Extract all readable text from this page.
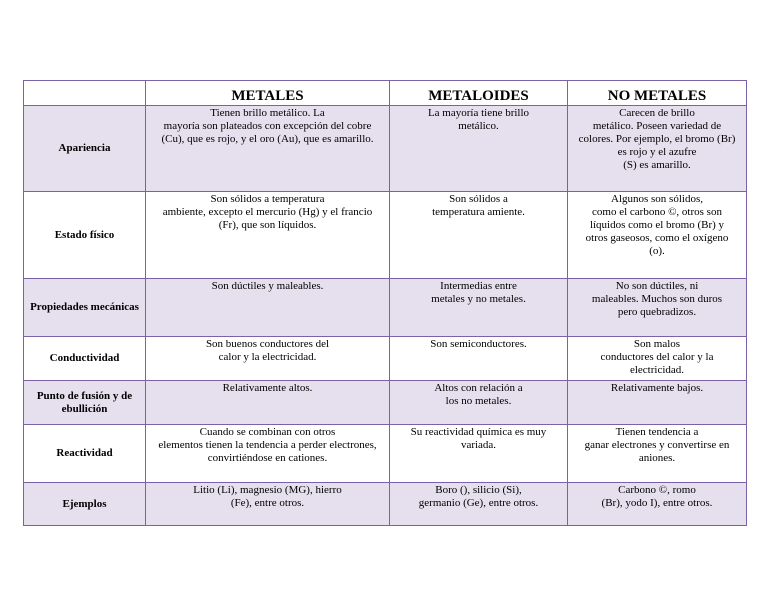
	METALES	METALOIDES	NO METALES
Apariencia	Tienen brillo metálico. La
mayoría son plateados con excepción del cobre
(Cu), que es rojo, y el oro (Au), que es amarillo.	La mayoría tiene brillo
metálico.	Carecen de brillo
metálico. Poseen variedad de
colores. Por ejemplo, el bromo (Br)
es rojo y el azufre
(S) es amarillo.
Estado físico	Son sólidos a temperatura
ambiente, excepto el mercurio (Hg) y el francio
(Fr), que son líquidos.	Son sólidos a
temperatura amiente.	Algunos son sólidos,
como el carbono ©, otros son
líquidos como el bromo (Br) y
otros gaseosos, como el oxígeno
(o).
Propiedades mecánicas	Son dúctiles y maleables.	Intermedias entre
metales y no metales.	No son dúctiles, ni
maleables. Muchos son duros
pero quebradizos.
Conductividad	Son buenos conductores del
calor y la electricidad.	Son semiconductores.	Son malos
conductores del calor y la
electricidad.
Punto de fusión y de ebullición	Relativamente altos.	Altos con relación a
los no metales.	Relativamente bajos.
Reactividad	Cuando se combinan con otros
elementos tienen la tendencia a perder electrones,
convirtiéndose en cationes.	Su reactividad química es muy
variada.	Tienen tendencia a
ganar electrones y convertirse en
aniones.
Ejemplos	Litio (Li), magnesio (MG), hierro
(Fe), entre otros.	Boro (), silicio (Si),
germanio (Ge), entre otros.	Carbono ©, romo
(Br), yodo I), entre otros.
